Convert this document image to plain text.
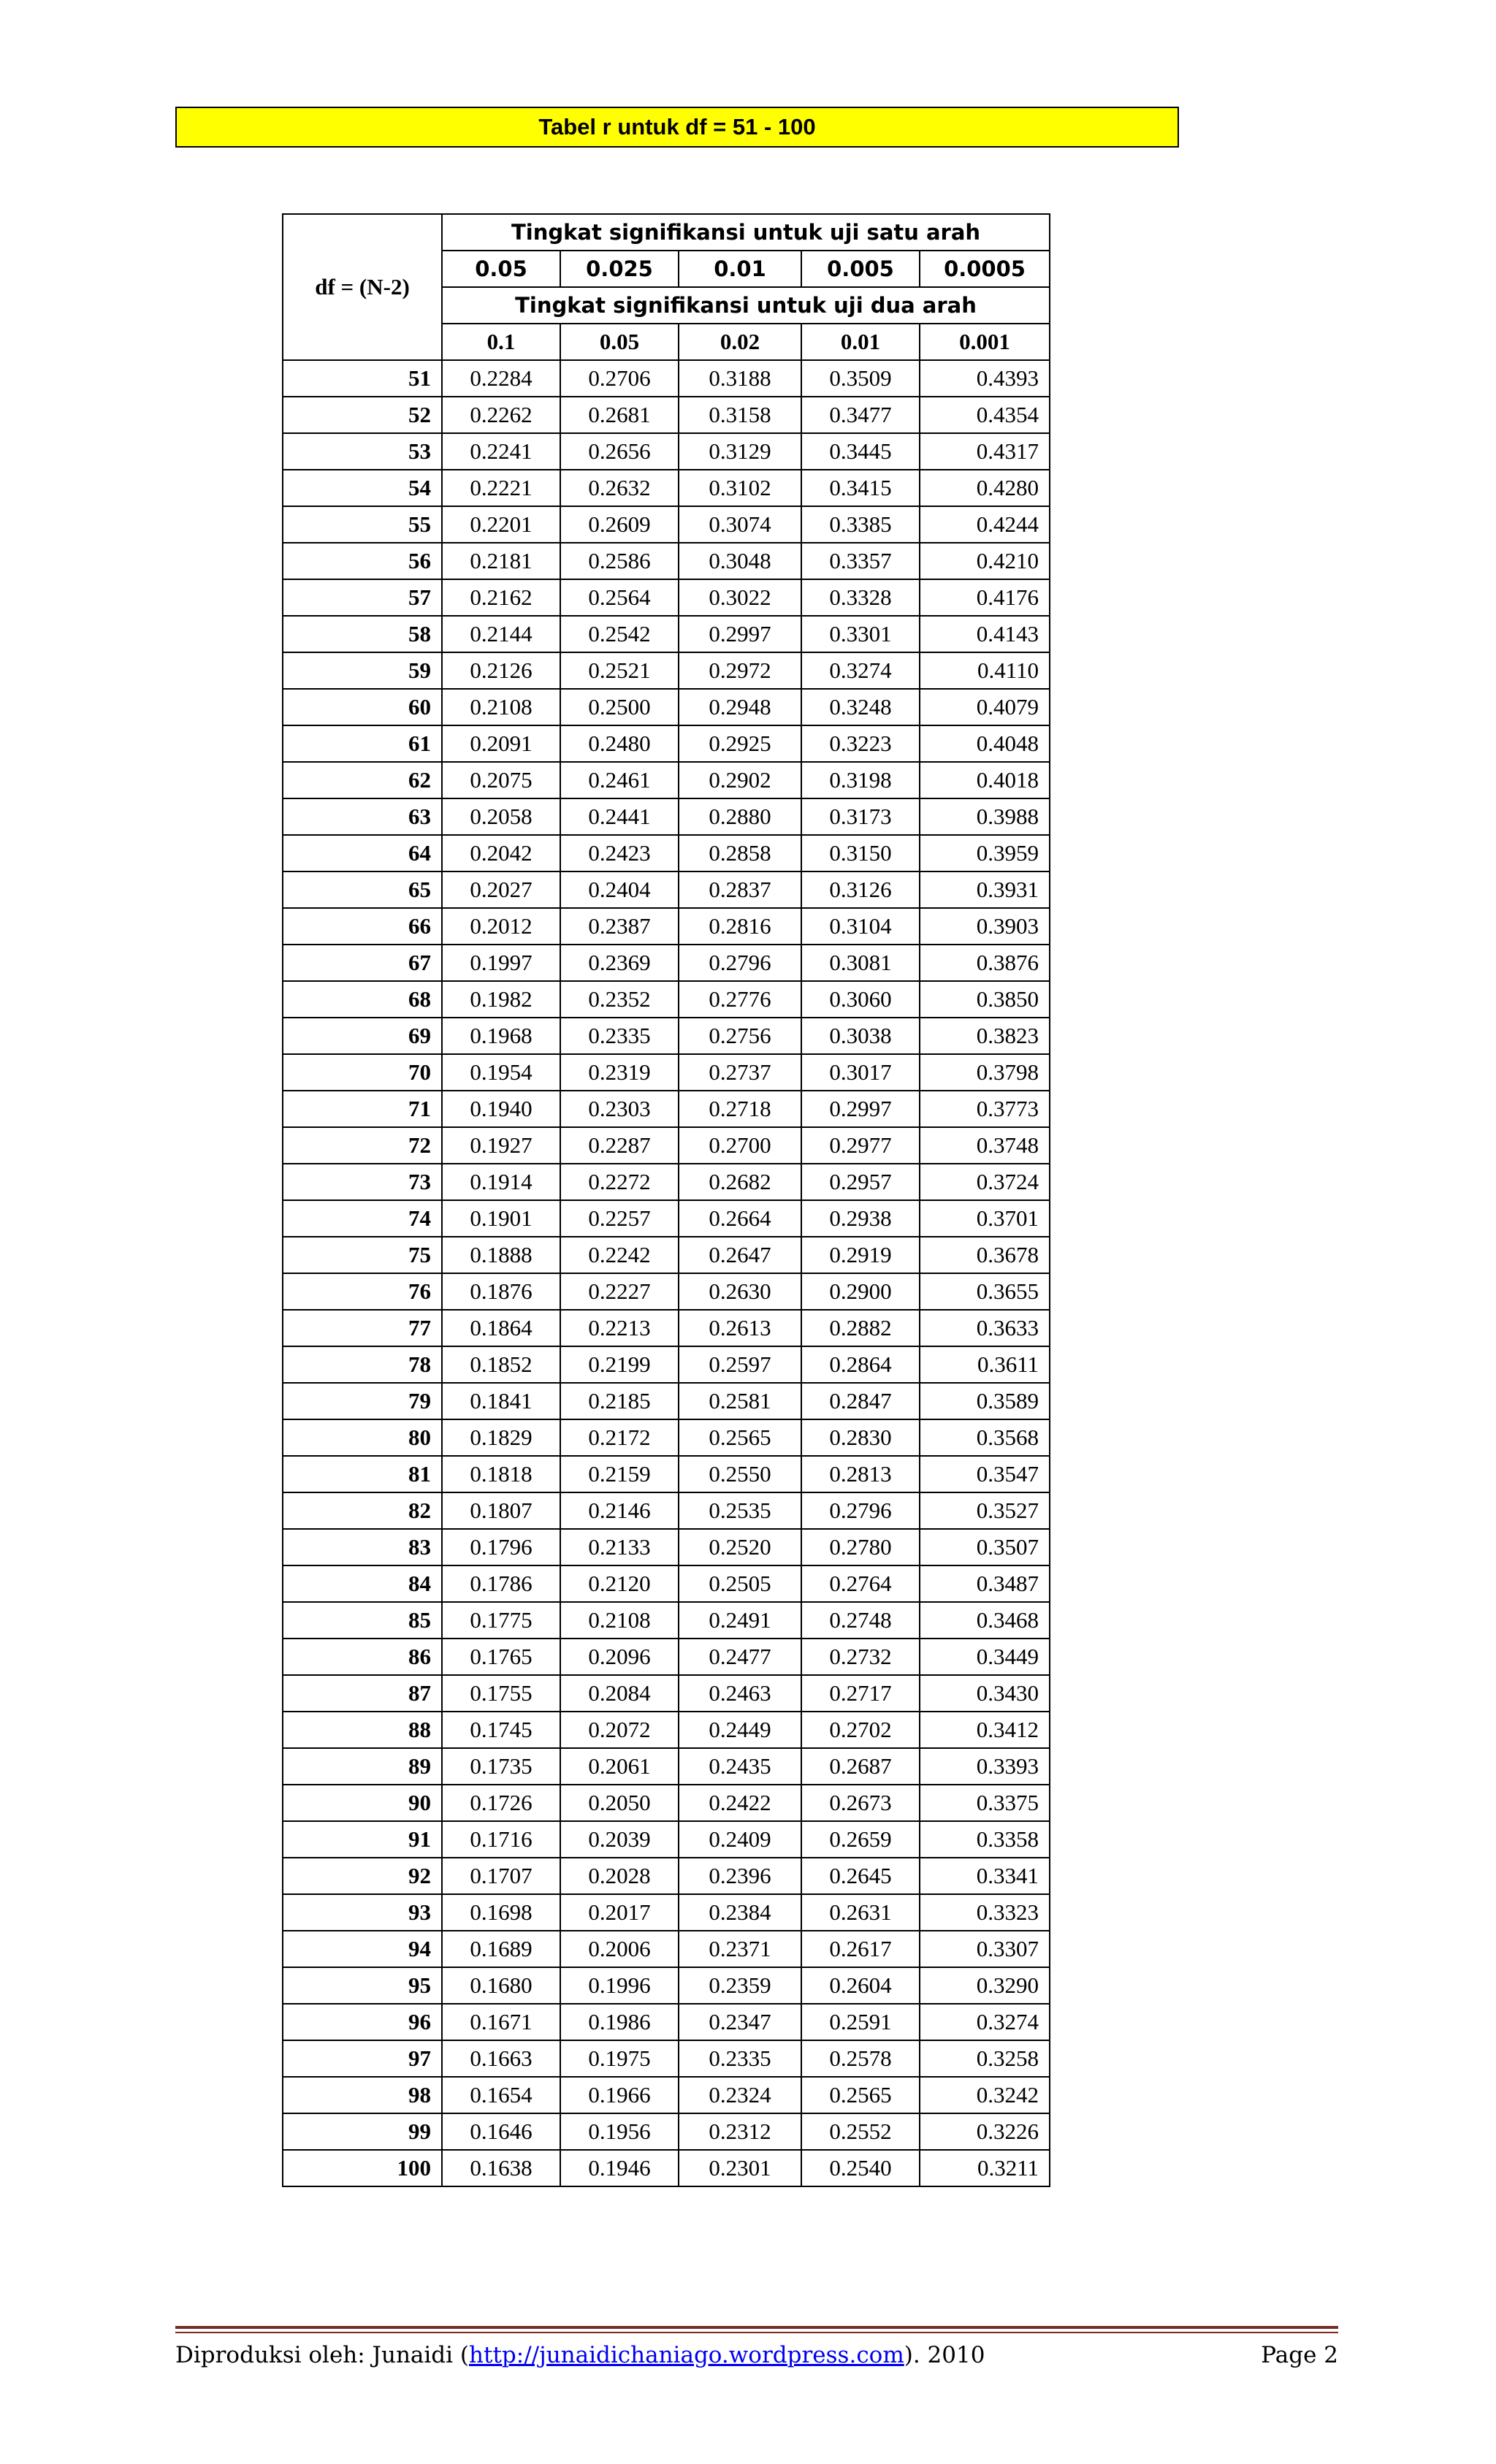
Tabel r untuk df = 51 - 100
df = (N-2)	Tingkat signifikansi untuk uji satu arah				
	0.05	0.025	0.01	0.005	0.0005
	Tingkat signifikansi untuk uji dua arah				
	0.1	0.05	0.02	0.01	0.001
51	0.2284	0.2706	0.3188	0.3509	0.4393
52	0.2262	0.2681	0.3158	0.3477	0.4354
53	0.2241	0.2656	0.3129	0.3445	0.4317
54	0.2221	0.2632	0.3102	0.3415	0.4280
55	0.2201	0.2609	0.3074	0.3385	0.4244
56	0.2181	0.2586	0.3048	0.3357	0.4210
57	0.2162	0.2564	0.3022	0.3328	0.4176
58	0.2144	0.2542	0.2997	0.3301	0.4143
59	0.2126	0.2521	0.2972	0.3274	0.4110
60	0.2108	0.2500	0.2948	0.3248	0.4079
61	0.2091	0.2480	0.2925	0.3223	0.4048
62	0.2075	0.2461	0.2902	0.3198	0.4018
63	0.2058	0.2441	0.2880	0.3173	0.3988
64	0.2042	0.2423	0.2858	0.3150	0.3959
65	0.2027	0.2404	0.2837	0.3126	0.3931
66	0.2012	0.2387	0.2816	0.3104	0.3903
67	0.1997	0.2369	0.2796	0.3081	0.3876
68	0.1982	0.2352	0.2776	0.3060	0.3850
69	0.1968	0.2335	0.2756	0.3038	0.3823
70	0.1954	0.2319	0.2737	0.3017	0.3798
71	0.1940	0.2303	0.2718	0.2997	0.3773
72	0.1927	0.2287	0.2700	0.2977	0.3748
73	0.1914	0.2272	0.2682	0.2957	0.3724
74	0.1901	0.2257	0.2664	0.2938	0.3701
75	0.1888	0.2242	0.2647	0.2919	0.3678
76	0.1876	0.2227	0.2630	0.2900	0.3655
77	0.1864	0.2213	0.2613	0.2882	0.3633
78	0.1852	0.2199	0.2597	0.2864	0.3611
79	0.1841	0.2185	0.2581	0.2847	0.3589
80	0.1829	0.2172	0.2565	0.2830	0.3568
81	0.1818	0.2159	0.2550	0.2813	0.3547
82	0.1807	0.2146	0.2535	0.2796	0.3527
83	0.1796	0.2133	0.2520	0.2780	0.3507
84	0.1786	0.2120	0.2505	0.2764	0.3487
85	0.1775	0.2108	0.2491	0.2748	0.3468
86	0.1765	0.2096	0.2477	0.2732	0.3449
87	0.1755	0.2084	0.2463	0.2717	0.3430
88	0.1745	0.2072	0.2449	0.2702	0.3412
89	0.1735	0.2061	0.2435	0.2687	0.3393
90	0.1726	0.2050	0.2422	0.2673	0.3375
91	0.1716	0.2039	0.2409	0.2659	0.3358
92	0.1707	0.2028	0.2396	0.2645	0.3341
93	0.1698	0.2017	0.2384	0.2631	0.3323
94	0.1689	0.2006	0.2371	0.2617	0.3307
95	0.1680	0.1996	0.2359	0.2604	0.3290
96	0.1671	0.1986	0.2347	0.2591	0.3274
97	0.1663	0.1975	0.2335	0.2578	0.3258
98	0.1654	0.1966	0.2324	0.2565	0.3242
99	0.1646	0.1956	0.2312	0.2552	0.3226
100	0.1638	0.1946	0.2301	0.2540	0.3211
Diproduksi oleh: Junaidi (http://junaidichaniago.wordpress.com). 2010	Page 2
